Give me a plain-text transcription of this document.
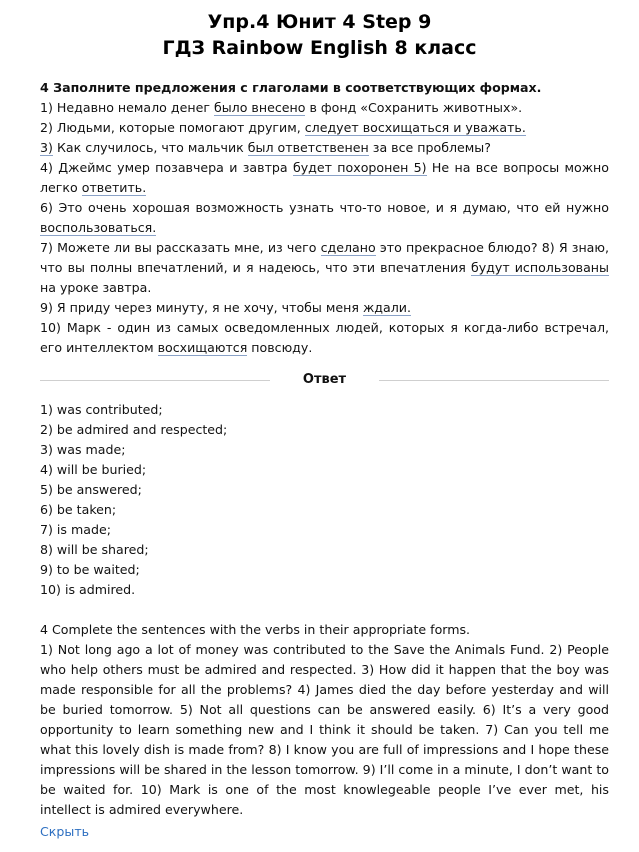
Упр.4 Юнит 4 Step 9
ГДЗ Rainbow English 8 класс

4 Заполните предложения с глаголами в соответствующих формах.

1) Недавно немало денег было внесено в фонд «Сохранить животных».

2) Людьми, которые помогают другим, следует восхищаться и уважать.

3) Как случилось, что мальчик был ответственен за все проблемы?

4) Джеймс умер позавчера и завтра будет похоронен 5) Не на все вопросы можно легко ответить.

6) Это очень хорошая возможность узнать что-то новое, и я думаю, что ей нужно воспользоваться.

7) Можете ли вы рассказать мне, из чего сделано это прекрасное блюдо? 8) Я знаю, что вы полны впечатлений, и я надеюсь, что эти впечатления будут использованы на уроке завтра.

9) Я приду через минуту, я не хочу, чтобы меня ждали.

10) Марк - один из самых осведомленных людей, которых я когда-либо встречал, его интеллектом восхищаются повсюду.

Ответ
1) was contributed;
2) be admired and respected;
3) was made;
4) will be buried;
5) be answered;
6) be taken;
7) is made;
8) will be shared;
9) to be waited;
10) is admired.

4 Complete the sentences with the verbs in their appropriate forms.

1) Not long ago a lot of money was contributed to the Save the Animals Fund. 2) People who help others must be admired and respected. 3) How did it happen that the boy was made responsible for all the problems? 4) James died the day before yesterday and will be buried tomorrow. 5) Not all questions can be answered easily. 6) It’s a very good opportunity to learn something new and I think it should be taken. 7) Can you tell me what this lovely dish is made from? 8) I know you are full of impressions and I hope these impressions will be shared in the lesson tomorrow. 9) I’ll come in a minute, I don’t want to be waited for. 10) Mark is one of the most knowlegeable people I’ve ever met, his intellect is admired everywhere.

Скрыть
